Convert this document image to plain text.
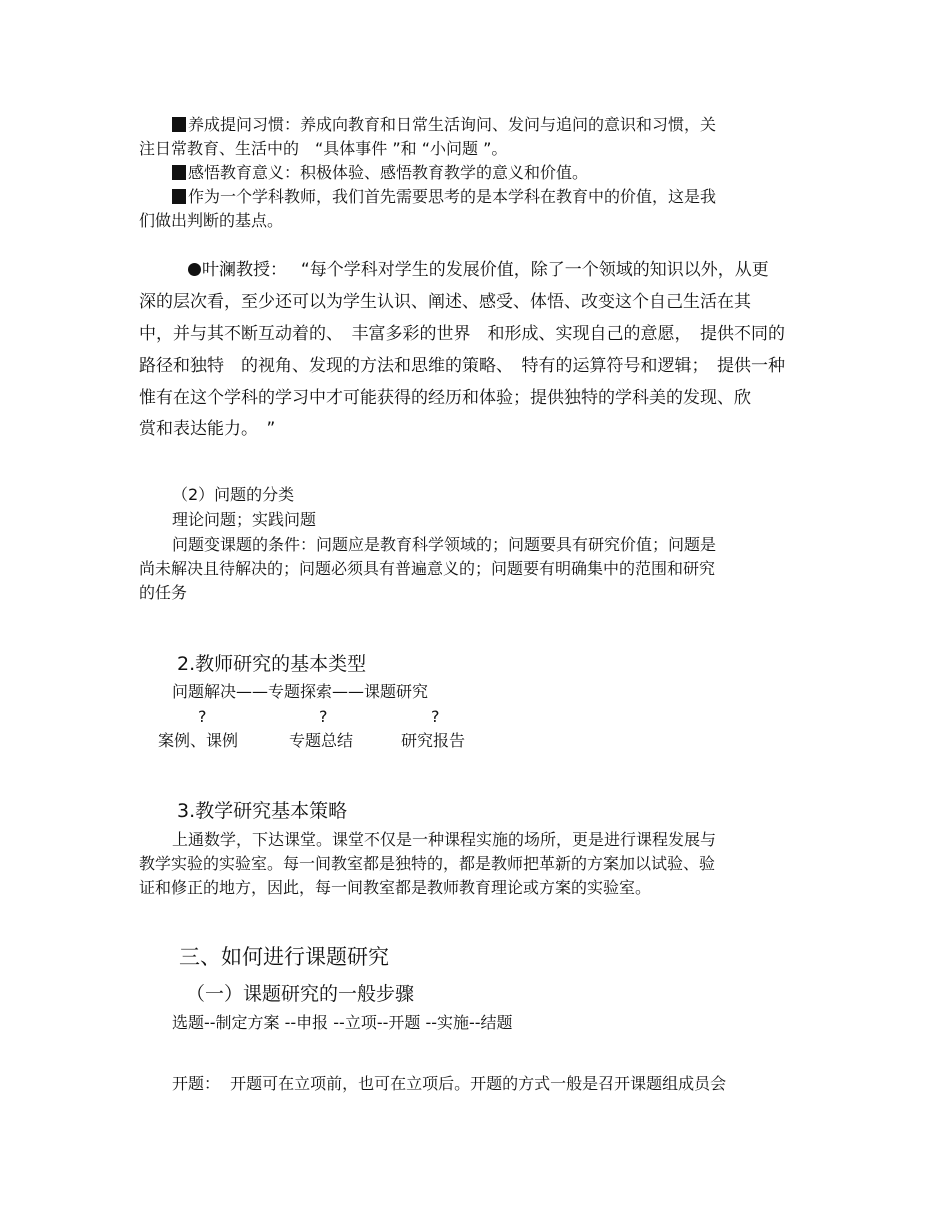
养成提问习惯：养成向教育和日常生活询问、发问与追问的意识和习惯，关
注日常教育、生活中的　“具体事件 ”和 “小问题 ”。
感悟教育意义：积极体验、感悟教育教学的意义和价值。
作为一个学科教师，我们首先需要思考的是本学科在教育中的价值，这是我
们做出判断的基点。
叶澜教授：　 “每个学科对学生的发展价值，除了一个领域的知识以外，从更
深的层次看，至少还可以为学生认识、阐述、感受、体悟、改变这个自己生活在其
中，并与其不断互动着的、　丰富多彩的世界　和形成、实现自己的意愿，　提供不同的
路径和独特　的视角、发现的方法和思维的策略、　特有的运算符号和逻辑；　提供一种
惟有在这个学科的学习中才可能获得的经历和体验；提供独特的学科美的发现、欣
赏和表达能力。　”
（2）问题的分类
理论问题；实践问题
问题变课题的条件：问题应是教育科学领域的；问题要具有研究价值；问题是
尚未解决且待解决的；问题必须具有普遍意义的；问题要有明确集中的范围和研究
的任务
2.教师研究的基本类型
问题解决——专题探索——课题研究
?	?	?
案例、课例	专题总结	研究报告
3.教学研究基本策略
上通数学，下达课堂。课堂不仅是一种课程实施的场所，更是进行课程发展与
教学实验的实验室。每一间教室都是独特的，都是教师把革新的方案加以试验、验
证和修正的地方，因此，每一间教室都是教师教育理论或方案的实验室。
三、如何进行课题研究
（一）课题研究的一般步骤
选题--制定方案 --申报 --立项--开题 --实施--结题
开题：  开题可在立项前，也可在立项后。开题的方式一般是召开课题组成员会
